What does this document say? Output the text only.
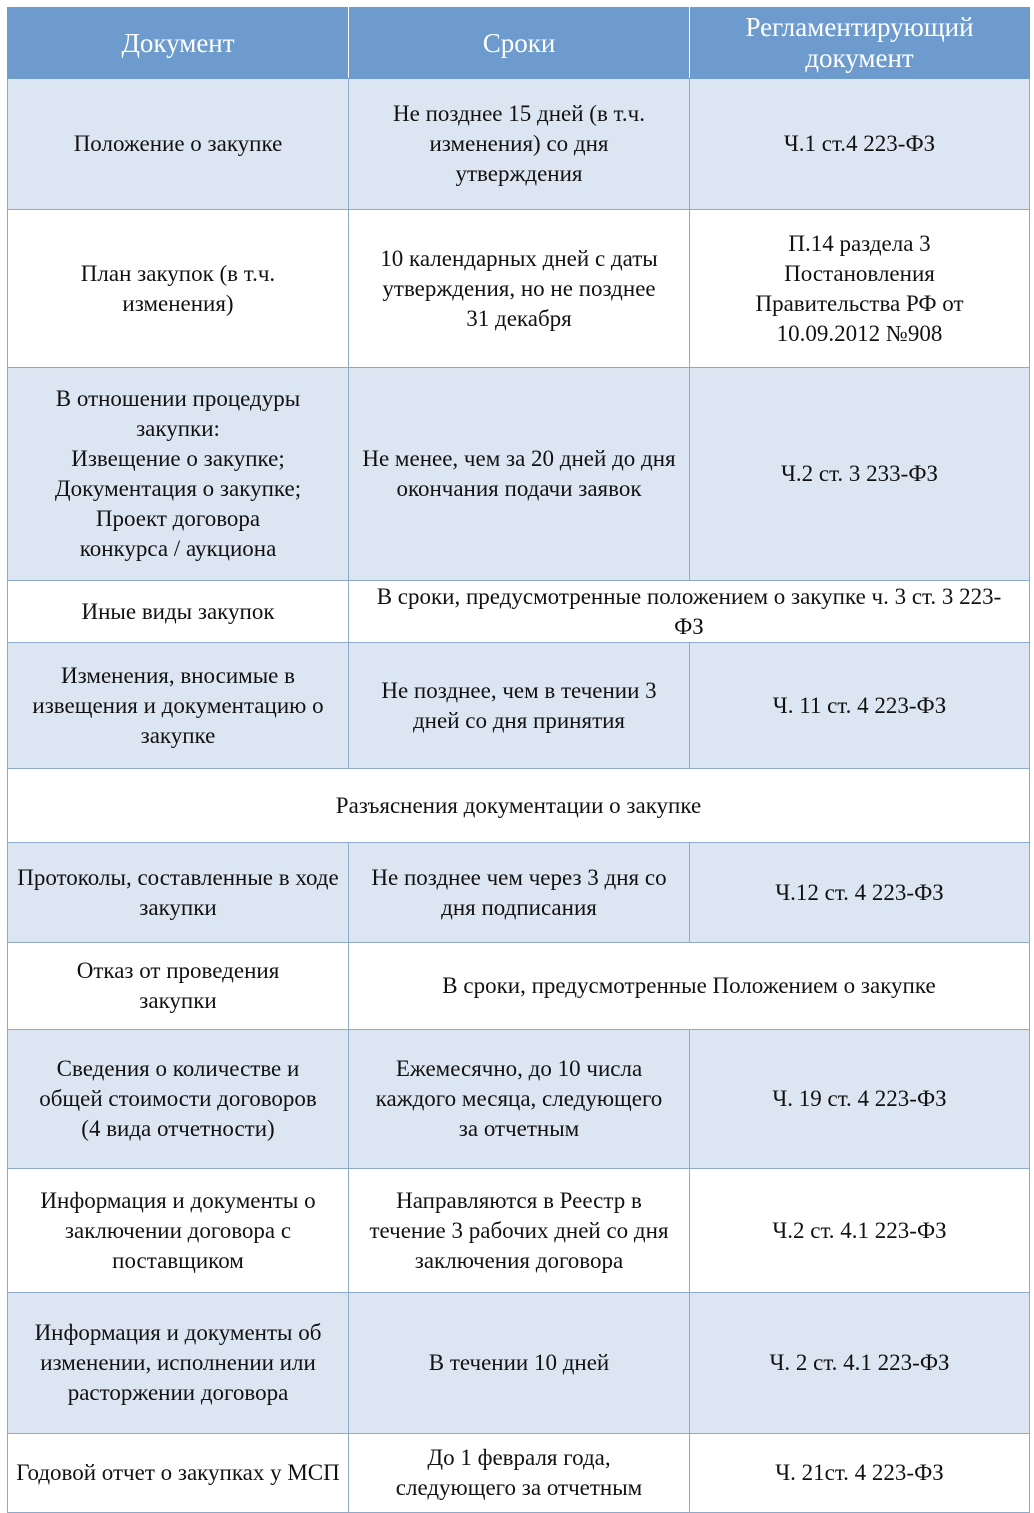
Документ	Сроки	Регламентирующий документ
Положение о закупке	Не позднее 15 дней (в т.ч. изменения) со дня утверждения	Ч.1 ст.4 223-ФЗ
План закупок (в т.ч. изменения)	10 календарных дней с даты утверждения, но не позднее 31 декабря	П.14 раздела 3 Постановления Правительства РФ от 10.09.2012 №908

В отношении процедуры закупки:
Извещение о закупке;
Документация о закупке;
Проект договора конкурса / аукциона	Не менее, чем за 20 дней до дня окончания подачи заявок	Ч.2 ст. 3 233-ФЗ
Иные виды закупок	В сроки, предусмотренные положением о закупке ч. 3 ст. 3 223-ФЗ	
Изменения, вносимые в извещения и документацию о закупке	Не позднее, чем в течении 3 дней со дня принятия	Ч. 11 ст. 4 223-ФЗ
Разъяснения документации о закупке		
Протоколы, составленные в ходе закупки	Не позднее чем через 3 дня со дня подписания	Ч.12 ст. 4 223-ФЗ
Отказ от проведения закупки	В сроки, предусмотренные Положением о закупке	
Сведения о количестве и общей стоимости договоров (4 вида отчетности)	Ежемесячно, до 10 числа каждого месяца, следующего за отчетным	Ч. 19 ст. 4 223-ФЗ
Информация и документы о заключении договора с поставщиком	Направляются в Реестр в течение 3 рабочих дней со дня заключения договора	Ч.2 ст. 4.1 223-ФЗ
Информация и документы об изменении, исполнении или расторжении договора	В течении 10 дней	Ч. 2 ст. 4.1 223-ФЗ
Годовой отчет о закупках у МСП	До 1 февраля года, следующего за отчетным	Ч. 21ст. 4 223-ФЗ
